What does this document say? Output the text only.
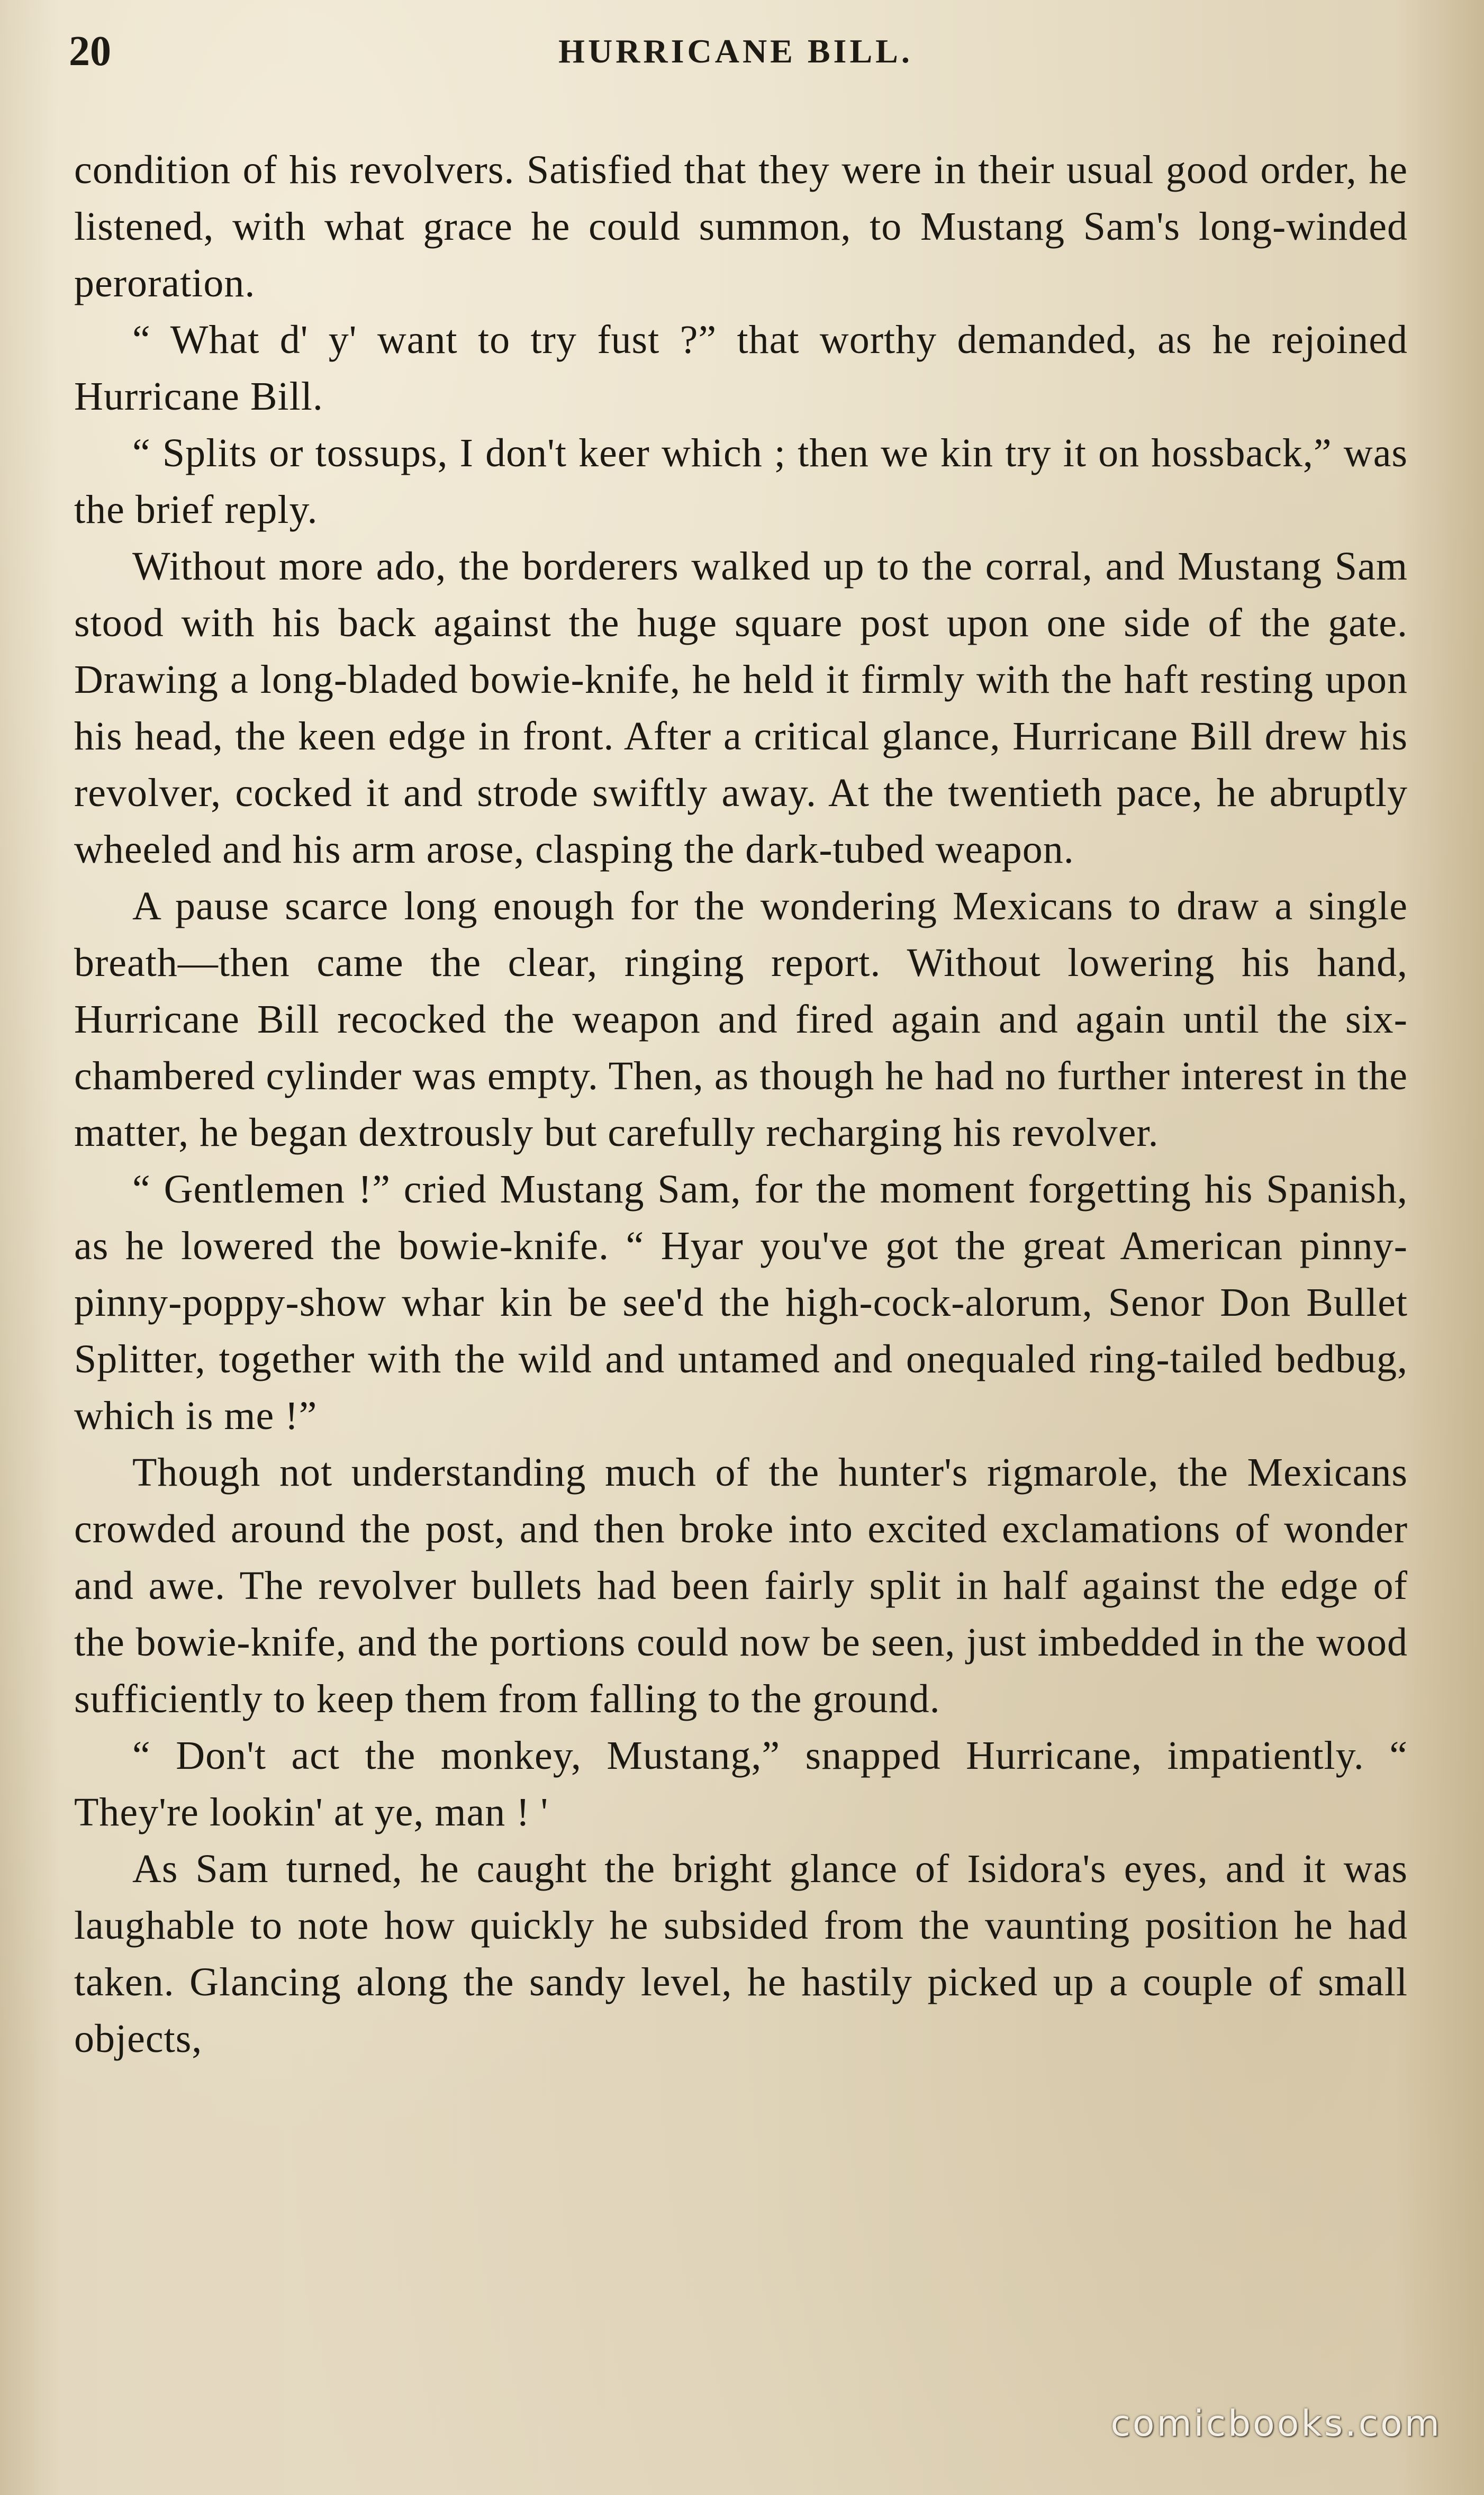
20	HURRICANE BILL.

condition of his revolvers. Satisfied that they were in their usual good order, he listened, with what grace he could summon, to Mustang Sam's long-winded peroration.

“ What d' y' want to try fust ?” that worthy demanded, as he rejoined Hurricane Bill.

“ Splits or tossups, I don't keer which ; then we kin try it on hossback,” was the brief reply.

Without more ado, the borderers walked up to the corral, and Mustang Sam stood with his back against the huge square post upon one side of the gate. Drawing a long-bladed bowie-knife, he held it firmly with the haft resting upon his head, the keen edge in front. After a critical glance, Hurricane Bill drew his revolver, cocked it and strode swiftly away. At the twentieth pace, he abruptly wheeled and his arm arose, clasping the dark-tubed weapon.

A pause scarce long enough for the wondering Mexicans to draw a single breath—then came the clear, ringing report. Without lowering his hand, Hurricane Bill recocked the weapon and fired again and again until the six-chambered cylinder was empty. Then, as though he had no further interest in the matter, he began dextrously but carefully recharging his revolver.

“ Gentlemen !” cried Mustang Sam, for the moment forgetting his Spanish, as he lowered the bowie-knife. “ Hyar you've got the great American pinny-pinny-poppy-show whar kin be see'd the high-cock-alorum, Senor Don Bullet Splitter, together with the wild and untamed and onequaled ring-tailed bedbug, which is me !”

Though not understanding much of the hunter's rigmarole, the Mexicans crowded around the post, and then broke into excited exclamations of wonder and awe. The revolver bullets had been fairly split in half against the edge of the bowie-knife, and the portions could now be seen, just imbedded in the wood sufficiently to keep them from falling to the ground.

“ Don't act the monkey, Mustang,” snapped Hurricane, impatiently. “ They're lookin' at ye, man ! '

As Sam turned, he caught the bright glance of Isidora's eyes, and it was laughable to note how quickly he subsided from the vaunting position he had taken. Glancing along the sandy level, he hastily picked up a couple of small objects,

comicbooks.com
